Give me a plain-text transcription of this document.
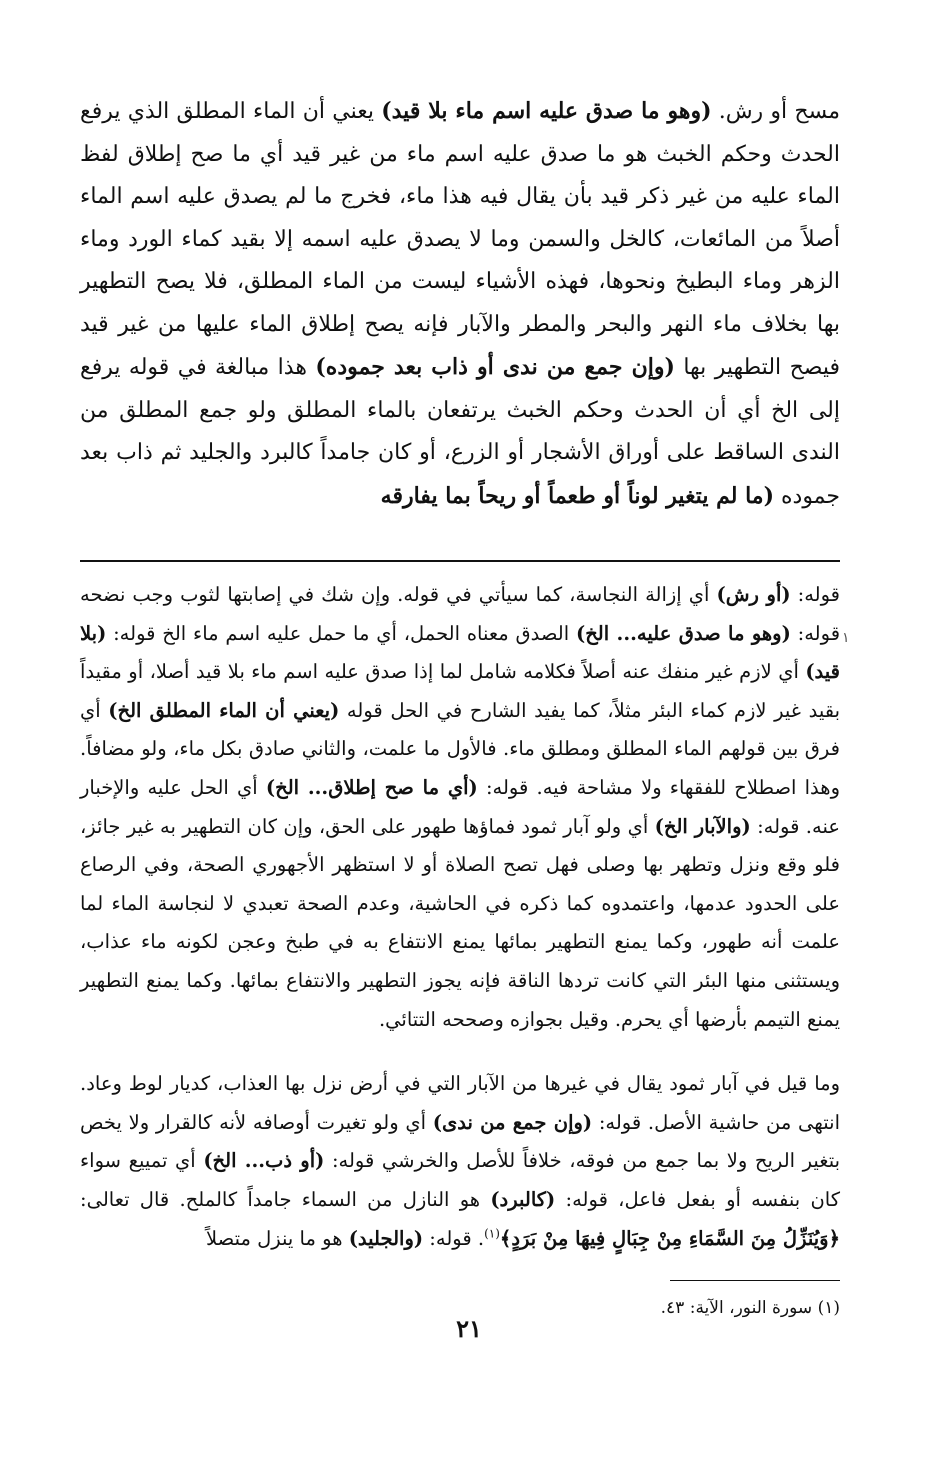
مسح أو رش. (وهو ما صدق عليه اسم ماء بلا قيد) يعني أن الماء المطلق الذي يرفع الحدث وحكم الخبث هو ما صدق عليه اسم ماء من غير قيد أي ما صح إطلاق لفظ الماء عليه من غير ذكر قيد بأن يقال فيه هذا ماء، فخرج ما لم يصدق عليه اسم الماء أصلاً من المائعات، كالخل والسمن وما لا يصدق عليه اسمه إلا بقيد كماء الورد وماء الزهر وماء البطيخ ونحوها، فهذه الأشياء ليست من الماء المطلق، فلا يصح التطهير بها بخلاف ماء النهر والبحر والمطر والآبار فإنه يصح إطلاق الماء عليها من غير قيد فيصح التطهير بها (وإن جمع من ندى أو ذاب بعد جموده) هذا مبالغة في قوله يرفع إلى الخ أي أن الحدث وحكم الخبث يرتفعان بالماء المطلق ولو جمع المطلق من الندى الساقط على أوراق الأشجار أو الزرع، أو كان جامداً كالبرد والجليد ثم ذاب بعد جموده (ما لم يتغير لوناً أو طعماً أو ريحاً بما يفارقه

قوله: (أو رش) أي إزالة النجاسة، كما سيأتي في قوله. وإن شك في إصابتها لثوب وجب نضحه قوله: (وهو ما صدق عليه... الخ) الصدق معناه الحمل، أي ما حمل عليه اسم ماء الخ قوله: (بلا قيد) أي لازم غير منفك عنه أصلاً فكلامه شامل لما إذا صدق عليه اسم ماء بلا قيد أصلا، أو مقيداً بقيد غير لازم كماء البئر مثلاً، كما يفيد الشارح في الحل قوله (يعني أن الماء المطلق الخ) أي فرق بين قولهم الماء المطلق ومطلق ماء. فالأول ما علمت، والثاني صادق بكل ماء، ولو مضافاً. وهذا اصطلاح للفقهاء ولا مشاحة فيه. قوله: (أي ما صح إطلاق... الخ) أي الحل عليه والإخبار عنه. قوله: (والآبار الخ) أي ولو آبار ثمود فماؤها طهور على الحق، وإن كان التطهير به غير جائز، فلو وقع ونزل وتطهر بها وصلى فهل تصح الصلاة أو لا استظهر الأجهوري الصحة، وفي الرصاع على الحدود عدمها، واعتمدوه كما ذكره في الحاشية، وعدم الصحة تعبدي لا لنجاسة الماء لما علمت أنه طهور، وكما يمنع التطهير بمائها يمنع الانتفاع به في طبخ وعجن لكونه ماء عذاب، ويستثنى منها البئر التي كانت تردها الناقة فإنه يجوز التطهير والانتفاع بمائها. وكما يمنع التطهير يمنع التيمم بأرضها أي يحرم. وقيل بجوازه وصححه التتائي.

وما قيل في آبار ثمود يقال في غيرها من الآبار التي في أرض نزل بها العذاب، كديار لوط وعاد. انتهى من حاشية الأصل. قوله: (وإن جمع من ندى) أي ولو تغيرت أوصافه لأنه كالقرار ولا يخص بتغير الريح ولا بما جمع من فوقه، خلافاً للأصل والخرشي قوله: (أو ذب... الخ) أي تمييع سواء كان بنفسه أو بفعل فاعل، قوله: (كالبرد) هو النازل من السماء جامداً كالملح. قال تعالى: ﴿وَيُنَزِّلُ مِنَ السَّمَاءِ مِنْ جِبَالٍ فِيهَا مِنْ بَرَدٍ﴾$^{(١)}$. قوله: (والجليد) هو ما ينزل متصلاً

(١) سورة النور، الآية: ٤٣.

١
٢١
